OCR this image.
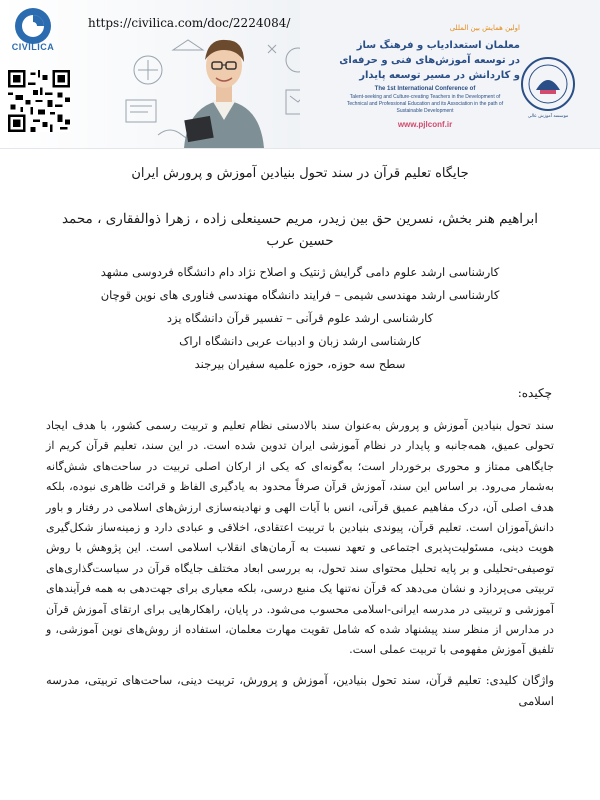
CIVILICA
https://civilica.com/doc/2224084/	اولین همایش بین المللی
معلمان استعدادیاب و فرهنگ ساز
در توسعه آموزش‌های فنی و حرفه‌ای
و کاردانش در مسیر توسعه پایدار
The 1st International Conference of
Talent-seeking and Culture-creating Teachers in the Development of
Technical and Professional Education and its Association in the path of
Sustainable Development
www.pjlconf.ir
موسسه آموزش عالی
جایگاه تعلیم قرآن در سند تحول بنیادین آموزش و پرورش ایران
ابراهیم هنر بخش، نسرین حق بین زیدر، مریم حسینعلی زاده ، زهرا ذوالفقاری ، محمد حسین عرب
کارشناسی ارشد علوم دامی گرایش ژنتیک و اصلاح نژاد دام دانشگاه فردوسی مشهد
کارشناسی ارشد مهندسی شیمی – فرایند دانشگاه مهندسی فناوری های نوین قوچان
کارشناسی ارشد علوم قرآنی – تفسیر قرآن دانشگاه یزد
کارشناسی ارشد زبان و ادبیات عربی دانشگاه اراک
سطح سه حوزه، حوزه علمیه سفیران بیرجند
چکیده:
سند تحول بنیادین آموزش و پرورش به‌عنوان سند بالادستی نظام تعلیم و تربیت رسمی کشور، با هدف ایجاد تحولی عمیق، همه‌جانبه و پایدار در نظام آموزشی ایران تدوین شده است. در این سند، تعلیم قرآن کریم از جایگاهی ممتاز و محوری برخوردار است؛ به‌گونه‌ای که یکی از ارکان اصلی تربیت در ساحت‌های شش‌گانه به‌شمار می‌رود. بر اساس این سند، آموزش قرآن صرفاً محدود به یادگیری الفاظ و قرائت ظاهری نبوده، بلکه هدف اصلی آن، درک مفاهیم عمیق قرآنی، انس با آیات الهی و نهادینه‌سازی ارزش‌های اسلامی در رفتار و باور دانش‌آموزان است. تعلیم قرآن، پیوندی بنیادین با تربیت اعتقادی، اخلاقی و عبادی دارد و زمینه‌ساز شکل‌گیری هویت دینی، مسئولیت‌پذیری اجتماعی و تعهد نسبت به آرمان‌های انقلاب اسلامی است. این پژوهش با روش توصیفی-تحلیلی و بر پایه تحلیل محتوای سند تحول، به بررسی ابعاد مختلف جایگاه قرآن در سیاست‌گذاری‌های تربیتی می‌پردازد و نشان می‌دهد که قرآن نه‌تنها یک منبع درسی، بلکه معیاری برای جهت‌دهی به همه فرآیندهای آموزشی و تربیتی در مدرسه ایرانی-اسلامی محسوب می‌شود. در پایان، راهکارهایی برای ارتقای آموزش قرآن در مدارس از منظر سند پیشنهاد شده که شامل تقویت مهارت معلمان، استفاده از روش‌های نوین آموزشی، و تلفیق آموزش مفهومی با تربیت عملی است.
واژگان کلیدی: تعلیم قرآن، سند تحول بنیادین، آموزش و پرورش، تربیت دینی، ساحت‌های تربیتی، مدرسه اسلامی
